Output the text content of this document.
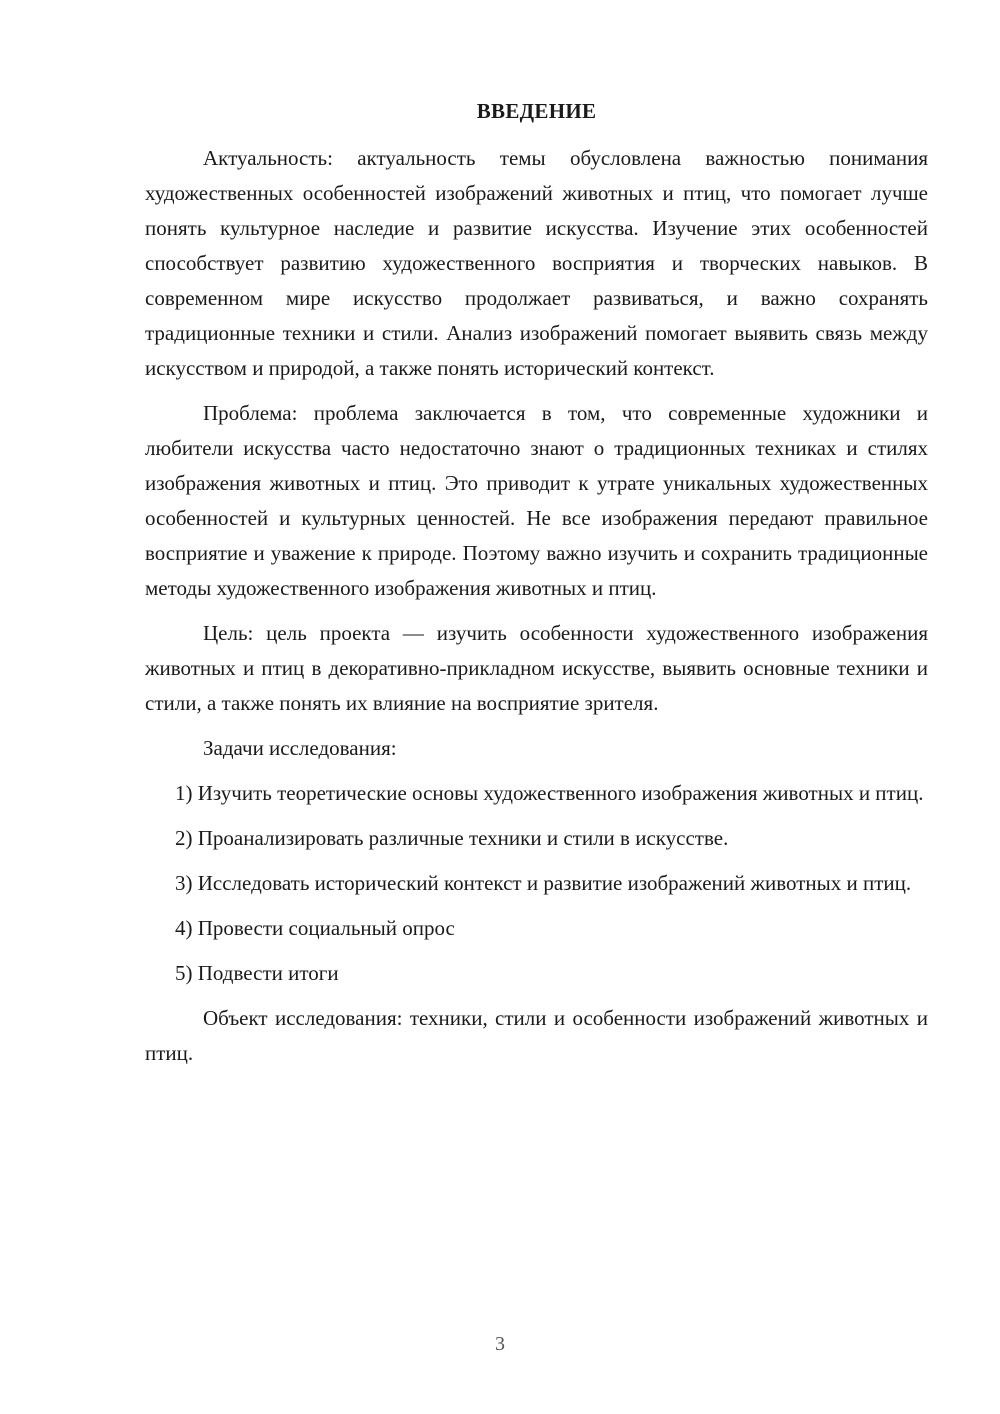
ВВЕДЕНИЕ

Актуальность: актуальность темы обусловлена важностью понимания художественных особенностей изображений животных и птиц, что помогает лучше понять культурное наследие и развитие искусства. Изучение этих особенностей способствует развитию художественного восприятия и творческих навыков. В современном мире искусство продолжает развиваться, и важно сохранять традиционные техники и стили. Анализ изображений помогает выявить связь между искусством и природой, а также понять исторический контекст.

Проблема: проблема заключается в том, что современные художники и любители искусства часто недостаточно знают о традиционных техниках и стилях изображения животных и птиц. Это приводит к утрате уникальных художественных особенностей и культурных ценностей. Не все изображения передают правильное восприятие и уважение к природе. Поэтому важно изучить и сохранить традиционные методы художественного изображения животных и птиц.

Цель: цель проекта — изучить особенности художественного изображения животных и птиц в декоративно-прикладном искусстве, выявить основные техники и стили, а также понять их влияние на восприятие зрителя.

Задачи исследования:

1) Изучить теоретические основы художественного изображения животных и птиц.

2) Проанализировать различные техники и стили в искусстве.

3) Исследовать исторический контекст и развитие изображений животных и птиц.

4) Провести социальный опрос

5) Подвести итоги

Объект исследования: техники, стили и особенности изображений животных и птиц.

3
